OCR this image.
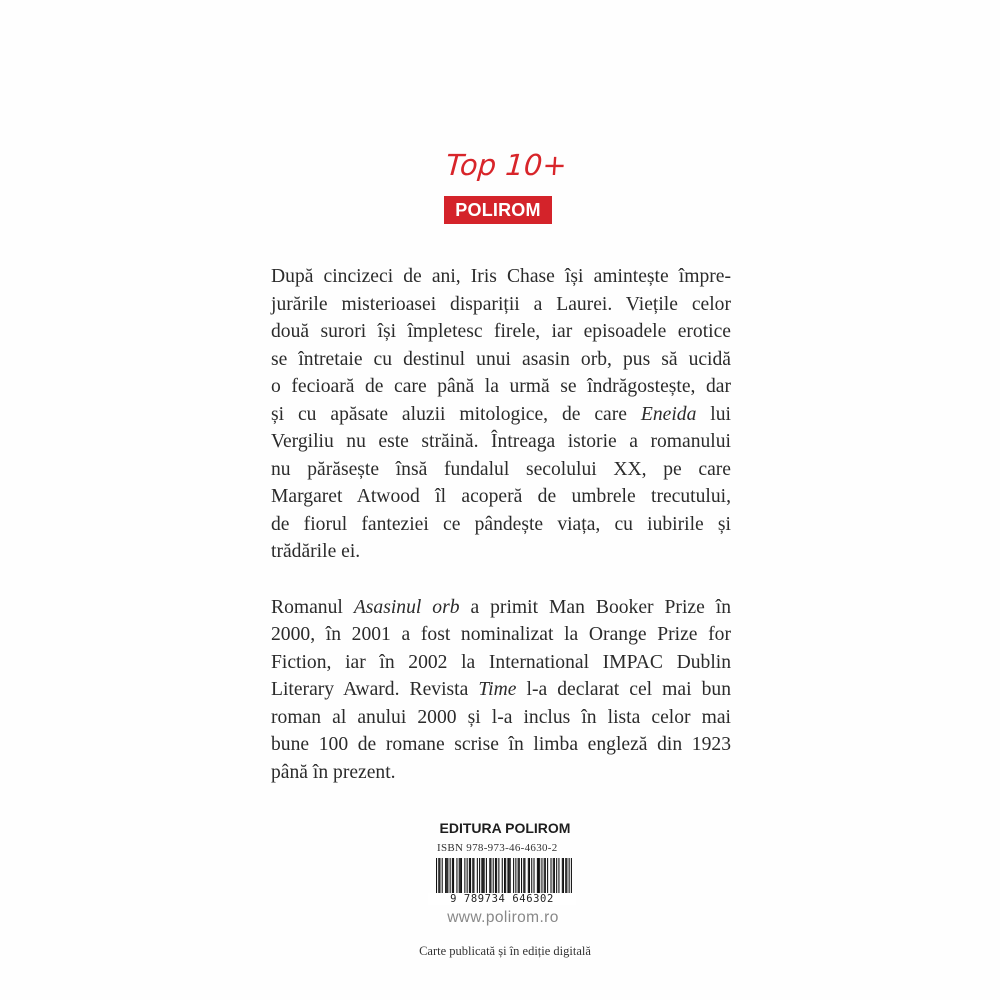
Top 10+
POLIROM

După cincizeci de ani, Iris Chase își amintește împre-
jurările misterioasei dispariții a Laurei. Viețile celor
două surori își împletesc firele, iar episoadele erotice
se întretaie cu destinul unui asasin orb, pus să ucidă
o fecioară de care până la urmă se îndrăgostește, dar
și cu apăsate aluzii mitologice, de care Eneida lui
Vergiliu nu este străină. Întreaga istorie a romanului
nu părăsește însă fundalul secolului XX, pe care
Margaret Atwood îl acoperă de umbrele trecutului,
de fiorul fanteziei ce pândește viața, cu iubirile și
trădările ei.

Romanul Asasinul orb a primit Man Booker Prize în
2000, în 2001 a fost nominalizat la Orange Prize for
Fiction, iar în 2002 la International IMPAC Dublin
Literary Award. Revista Time l-a declarat cel mai bun
roman al anului 2000 și l-a inclus în lista celor mai
bune 100 de romane scrise în limba engleză din 1923
până în prezent.

EDITURA POLIROM
ISBN 978-973-46-4630-2
9 789734 646302
www.polirom.ro
Carte publicată și în ediție digitală
